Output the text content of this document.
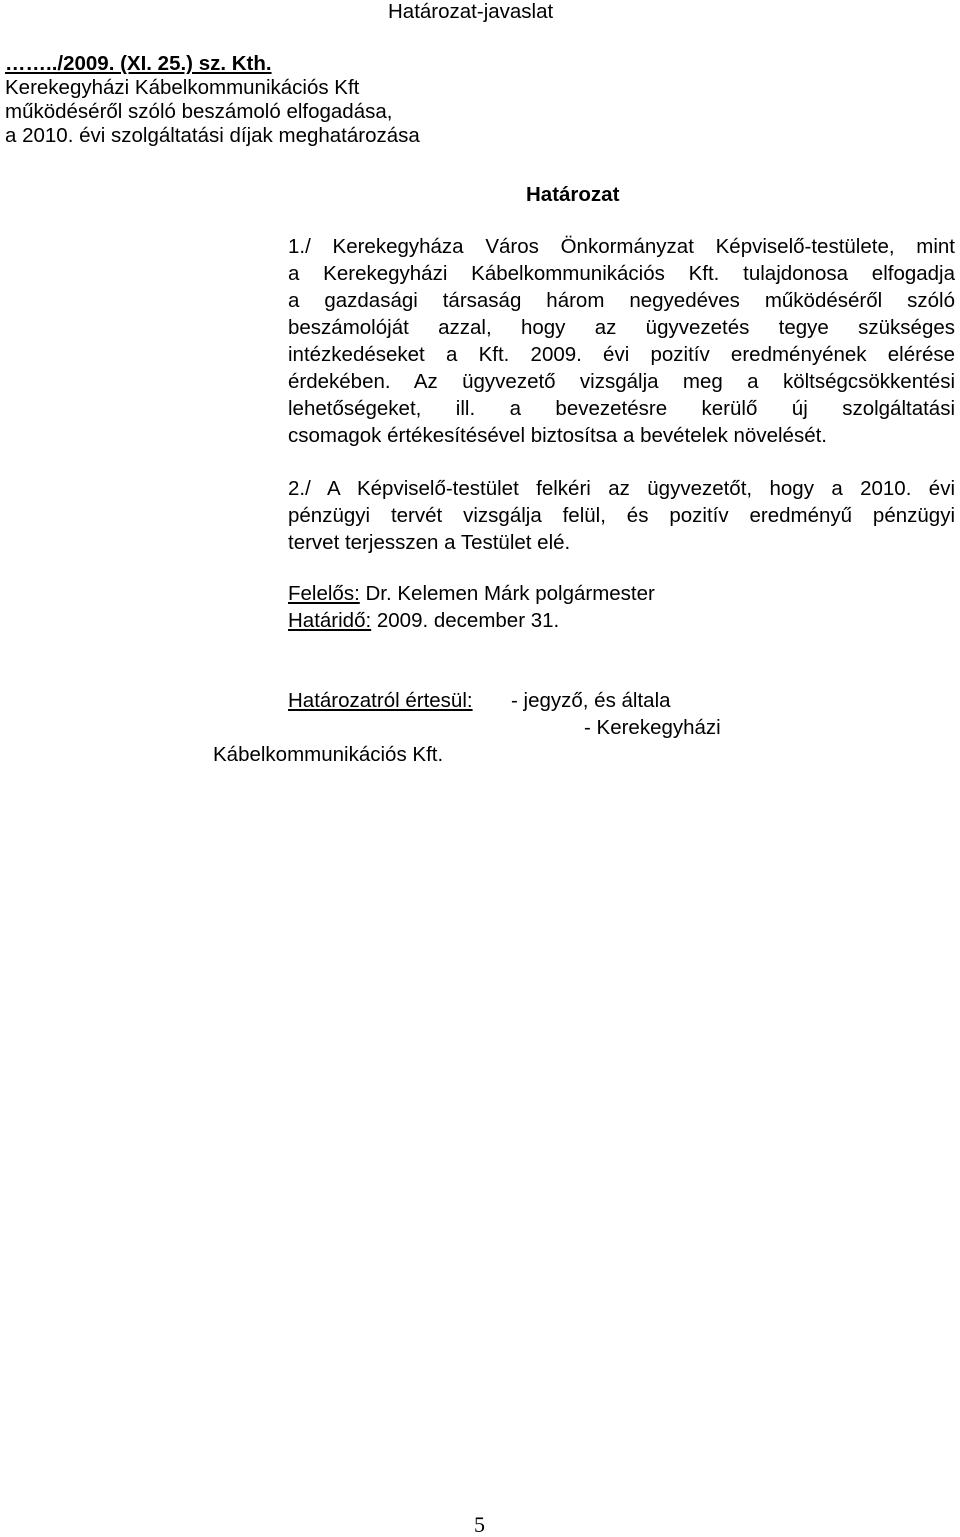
Határozat-javaslat
……../2009. (XI. 25.) sz. Kth.
Kerekegyházi Kábelkommunikációs Kft
működéséről szóló beszámoló elfogadása,
a 2010. évi szolgáltatási díjak meghatározása
Határozat
1./ Kerekegyháza Város Önkormányzat Képviselő-testülete, mint
a Kerekegyházi Kábelkommunikációs Kft. tulajdonosa elfogadja
a gazdasági társaság három negyedéves működéséről szóló
beszámolóját azzal, hogy az ügyvezetés tegye szükséges
intézkedéseket a Kft. 2009. évi pozitív eredményének elérése
érdekében. Az ügyvezető vizsgálja meg a költségcsökkentési
lehetőségeket, ill. a bevezetésre kerülő új szolgáltatási
csomagok értékesítésével biztosítsa a bevételek növelését.
2./ A Képviselő-testület felkéri az ügyvezetőt, hogy a 2010. évi
pénzügyi tervét vizsgálja felül, és pozitív eredményű pénzügyi
tervet terjesszen a Testület elé.
Felelős: Dr. Kelemen Márk polgármester
Határidő: 2009. december 31.
Határozatról értesül: - jegyző, és általa
- Kerekegyházi
Kábelkommunikációs Kft.
5
